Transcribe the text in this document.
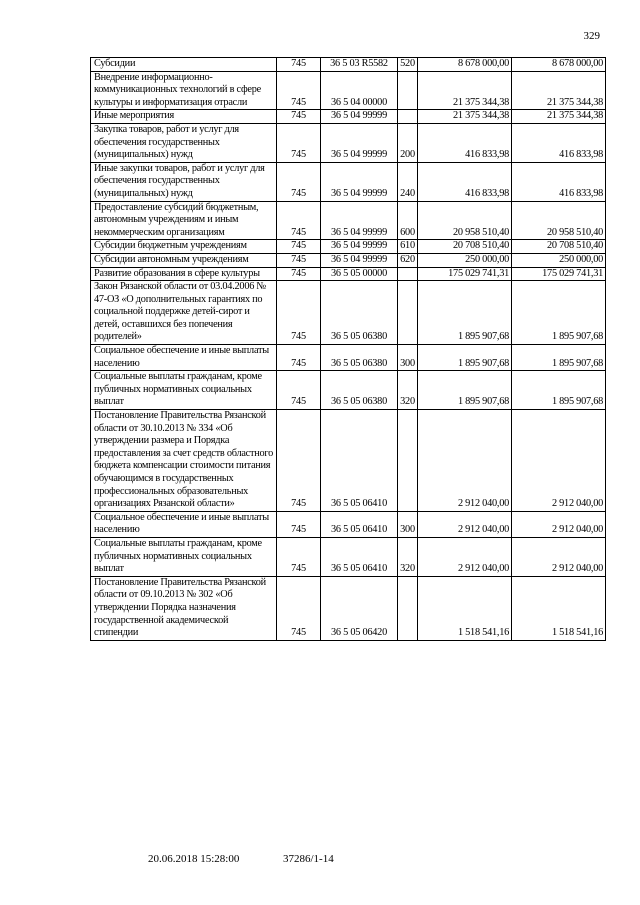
329
Субсидии	745	36 5 03 R5582	520	8 678 000,00	8 678 000,00
Внедрение информационно-коммуникационных технологий в сфере культуры и информатизация отрасли	745	36 5 04 00000		21 375 344,38	21 375 344,38
Иные мероприятия	745	36 5 04 99999		21 375 344,38	21 375 344,38
Закупка товаров, работ и услуг для обеспечения государственных (муниципальных) нужд	745	36 5 04 99999	200	416 833,98	416 833,98
Иные закупки товаров, работ и услуг для обеспечения государственных (муниципальных) нужд	745	36 5 04 99999	240	416 833,98	416 833,98
Предоставление субсидий бюджетным, автономным учреждениям и иным некоммерческим организациям	745	36 5 04 99999	600	20 958 510,40	20 958 510,40
Субсидии бюджетным учреждениям	745	36 5 04 99999	610	20 708 510,40	20 708 510,40
Субсидии автономным учреждениям	745	36 5 04 99999	620	250 000,00	250 000,00
Развитие образования в сфере культуры	745	36 5 05 00000		175 029 741,31	175 029 741,31
Закон Рязанской области от 03.04.2006 № 47-ОЗ «О дополнительных гарантиях по социальной поддержке детей-сирот и детей, оставшихся без попечения родителей»	745	36 5 05 06380		1 895 907,68	1 895 907,68
Социальное обеспечение и иные выплаты населению	745	36 5 05 06380	300	1 895 907,68	1 895 907,68
Социальные выплаты гражданам, кроме публичных нормативных социальных выплат	745	36 5 05 06380	320	1 895 907,68	1 895 907,68
Постановление Правительства Рязанской области от 30.10.2013 № 334 «Об утверждении размера и Порядка предоставления за счет средств областного бюджета компенсации стоимости питания обучающимся в государственных профессиональных образовательных организациях Рязанской области»	745	36 5 05 06410		2 912 040,00	2 912 040,00
Социальное обеспечение и иные выплаты населению	745	36 5 05 06410	300	2 912 040,00	2 912 040,00
Социальные выплаты гражданам, кроме публичных нормативных социальных выплат	745	36 5 05 06410	320	2 912 040,00	2 912 040,00
Постановление Правительства Рязанской области от 09.10.2013 № 302 «Об утверждении Порядка назначения государственной академической стипендии	745	36 5 05 06420		1 518 541,16	1 518 541,16
20.06.2018 15:28:00	37286/1-14
